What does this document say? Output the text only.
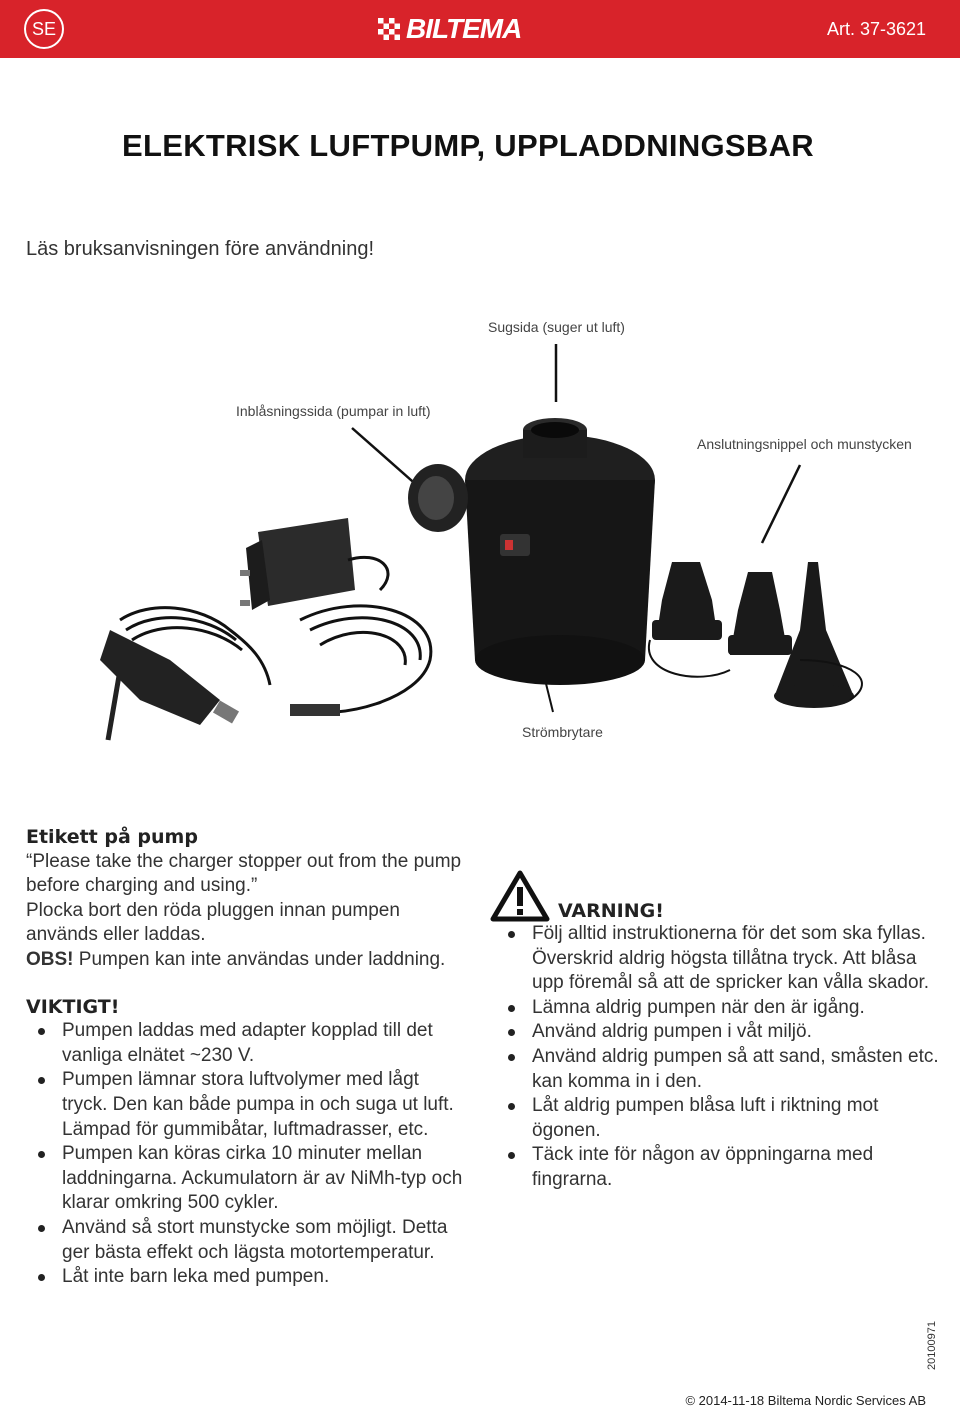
SE	BILTEMA	Art. 37-3621
ELEKTRISK LUFTPUMP, UPPLADDNINGSBAR
Läs bruksanvisningen före användning!
Sugsida (suger ut luft)
Inblåsningssida (pumpar in luft)
Anslutningsnippel och munstycken
Strömbrytare
Etikett på pump

“Please take the charger stopper out from the pump before charging and using.”

Plocka bort den röda pluggen innan pumpen används eller laddas.

OBS! Pumpen kan inte användas under laddning.

VIKTIGT!
Pumpen laddas med adapter kopplad till det vanliga elnätet ~230 V.
Pumpen lämnar stora luftvolymer med lågt tryck. Den kan både pumpa in och suga ut luft. Lämpad för gummibåtar, luftmadrasser, etc.
Pumpen kan köras cirka 10 minuter mellan laddningarna. Ackumulatorn är av NiMh-typ och klarar omkring 500 cykler.
Använd så stort munstycke som möjligt. Detta ger bästa effekt och lägsta motortemperatur.
Låt inte barn leka med pumpen.
VARNING!
Följ alltid instruktionerna för det som ska fyllas. Överskrid aldrig högsta tillåtna tryck. Att blåsa upp föremål så att de spricker kan vålla skador.
Lämna aldrig pumpen när den är igång.
Använd aldrig pumpen i våt miljö.
Använd aldrig pumpen så att sand, småsten etc. kan komma in i den.
Låt aldrig pumpen blåsa luft i riktning mot ögonen.
Täck inte för någon av öppningarna med fingrarna.
20100971
© 2014-11-18 Biltema Nordic Services AB
